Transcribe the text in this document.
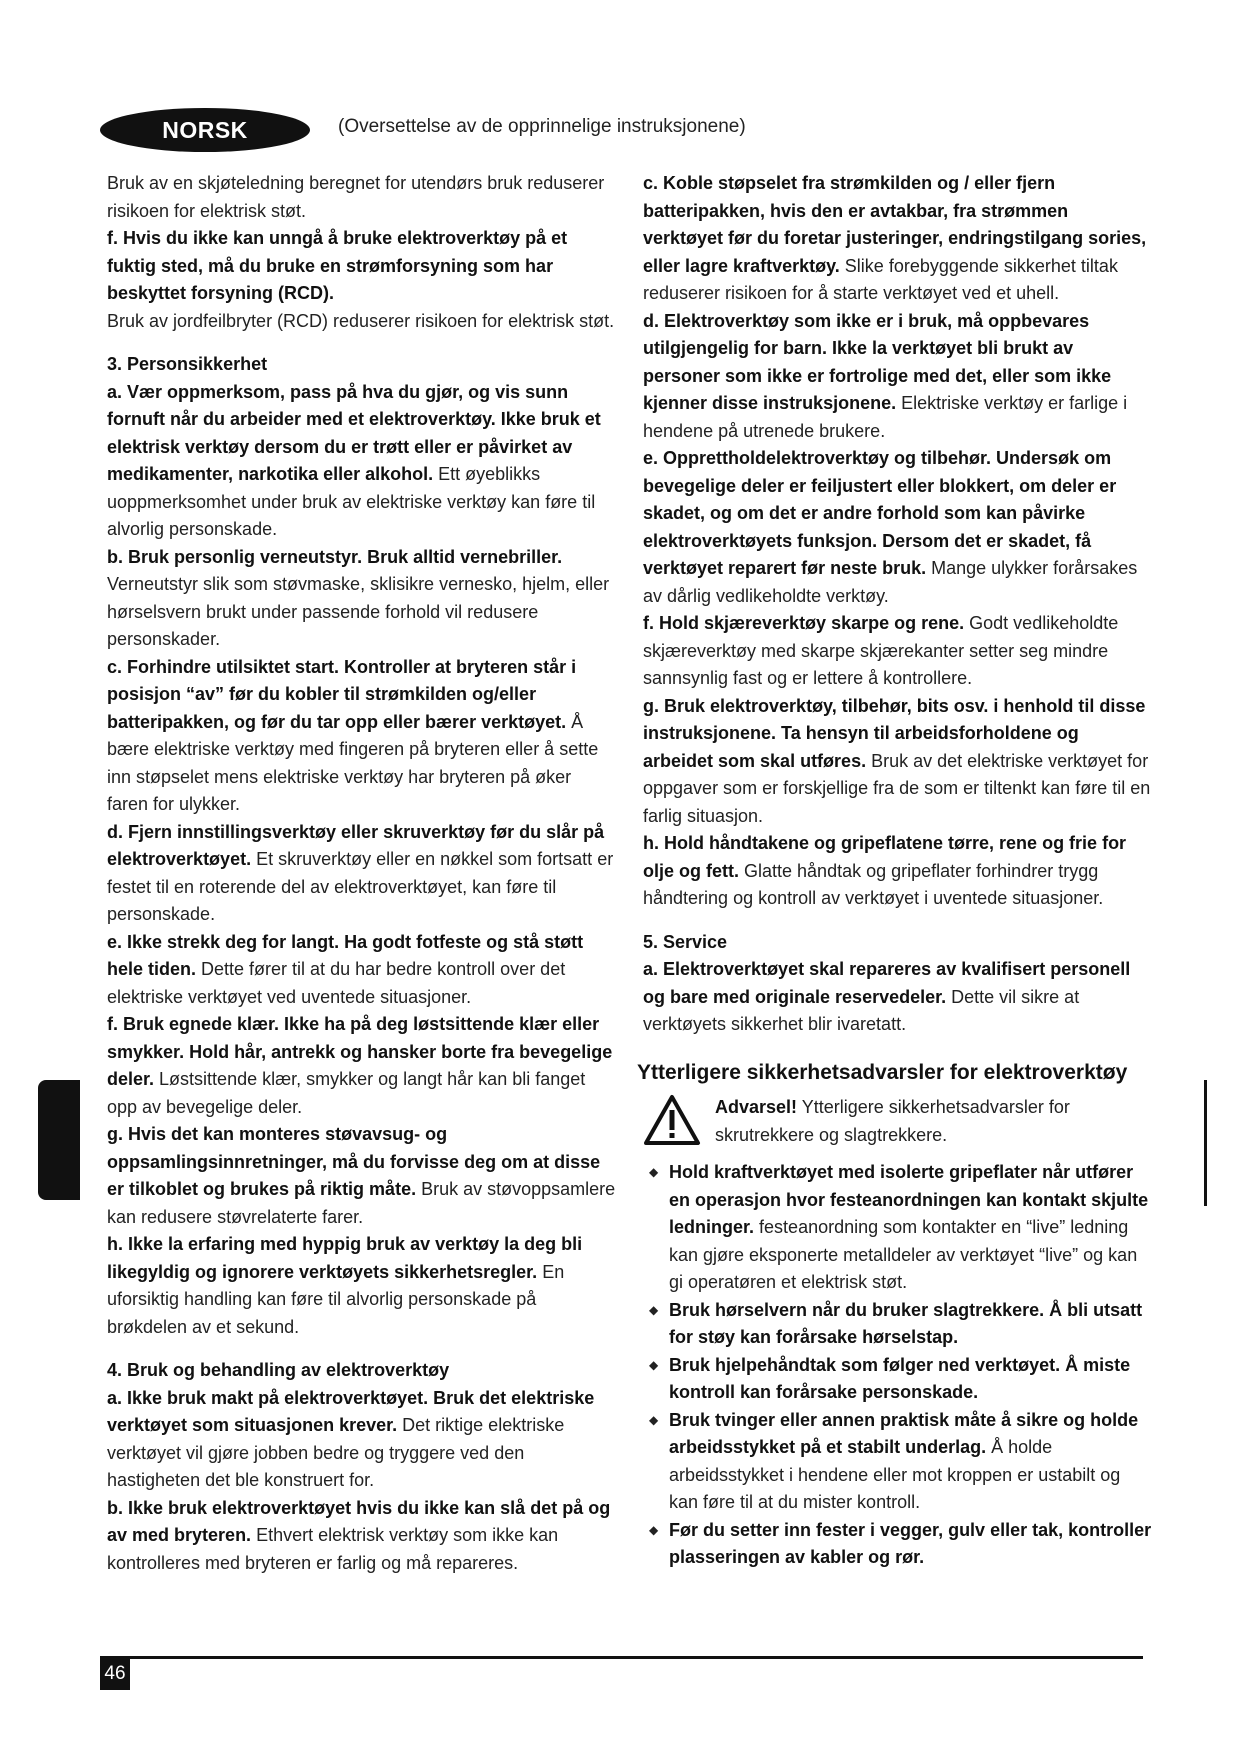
NORSK	(Oversettelse av de opprinnelige instruksjonene)

Bruk av en skjøteledning beregnet for utendørs bruk reduserer risikoen for elektrisk støt.

f. Hvis du ikke kan unngå å bruke elektroverktøy på et fuktig sted, må du bruke en strømforsyning som har beskyttet forsyning (RCD).

Bruk av jordfeilbryter (RCD) reduserer risikoen for elektrisk støt.

3. Personsikkerhet

a. Vær oppmerksom, pass på hva du gjør, og vis sunn fornuft når du arbeider med et elektroverktøy. Ikke bruk et elektrisk verktøy dersom du er trøtt eller er påvirket av medikamenter, narkotika eller alkohol. Ett øyeblikks uoppmerksomhet under bruk av elektriske verktøy kan føre til alvorlig personskade.

b. Bruk personlig verneutstyr. Bruk alltid vernebriller. Verneutstyr slik som støvmaske, sklisikre vernesko, hjelm, eller hørselsvern brukt under passende forhold vil redusere personskader.

c. Forhindre utilsiktet start. Kontroller at bryteren står i posisjon “av” før du kobler til strømkilden og/eller batteripakken, og før du tar opp eller bærer verktøyet. Å bære elektriske verktøy med fingeren på bryteren eller å sette inn støpselet mens elektriske verktøy har bryteren på øker faren for ulykker.

d. Fjern innstillingsverktøy eller skruverktøy før du slår på elektroverktøyet. Et skruverktøy eller en nøkkel som fortsatt er festet til en roterende del av elektroverktøyet, kan føre til personskade.

e. Ikke strekk deg for langt. Ha godt fotfeste og stå støtt hele tiden. Dette fører til at du har bedre kontroll over det elektriske verktøyet ved uventede situasjoner.

f. Bruk egnede klær. Ikke ha på deg løstsittende klær eller smykker. Hold hår, antrekk og hansker borte fra bevegelige deler. Løstsittende klær, smykker og langt hår kan bli fanget opp av bevegelige deler.

g. Hvis det kan monteres støvavsug- og oppsamlingsinnretninger, må du forvisse deg om at disse er tilkoblet og brukes på riktig måte. Bruk av støvoppsamlere kan redusere støvrelaterte farer.

h. Ikke la erfaring med hyppig bruk av verktøy la deg bli likegyldig og ignorere verktøyets sikkerhetsregler. En uforsiktig handling kan føre til alvorlig personskade på brøkdelen av et sekund.

4. Bruk og behandling av elektroverktøy

a. Ikke bruk makt på elektroverktøyet. Bruk det elektriske verktøyet som situasjonen krever. Det riktige elektriske verktøyet vil gjøre jobben bedre og tryggere ved den hastigheten det ble konstruert for.

b. Ikke bruk elektroverktøyet hvis du ikke kan slå det på og av med bryteren. Ethvert elektrisk verktøy som ikke kan kontrolleres med bryteren er farlig og må repareres.

c. Koble støpselet fra strømkilden og / eller fjern batteripakken, hvis den er avtakbar, fra strømmen verktøyet før du foretar justeringer, endringstilgang sories, eller lagre kraftverktøy. Slike forebyggende sikkerhet tiltak reduserer risikoen for å starte verktøyet ved et uhell.

d. Elektroverktøy som ikke er i bruk, må oppbevares utilgjengelig for barn. Ikke la verktøyet bli brukt av personer som ikke er fortrolige med det, eller som ikke kjenner disse instruksjonene. Elektriske verktøy er farlige i hendene på utrenede brukere.

e. Opprettholdelektroverktøy og tilbehør. Undersøk om bevegelige deler er feiljustert eller blokkert, om deler er skadet, og om det er andre forhold som kan påvirke elektroverktøyets funksjon. Dersom det er skadet, få verktøyet reparert før neste bruk. Mange ulykker forårsakes av dårlig vedlikeholdte verktøy.

f. Hold skjæreverktøy skarpe og rene. Godt vedlikeholdte skjæreverktøy med skarpe skjærekanter setter seg mindre sannsynlig fast og er lettere å kontrollere.

g. Bruk elektroverktøy, tilbehør, bits osv. i henhold til disse instruksjonene. Ta hensyn til arbeidsforholdene og arbeidet som skal utføres. Bruk av det elektriske verktøyet for oppgaver som er forskjellige fra de som er tiltenkt kan føre til en farlig situasjon.

h. Hold håndtakene og gripeflatene tørre, rene og frie for olje og fett. Glatte håndtak og gripeflater forhindrer trygg håndtering og kontroll av verktøyet i uventede situasjoner.

5. Service

a. Elektroverktøyet skal repareres av kvalifisert personell og bare med originale reservedeler. Dette vil sikre at verktøyets sikkerhet blir ivaretatt.

Ytterligere sikkerhetsadvarsler for elektroverktøy

Advarsel! Ytterligere sikkerhetsadvarsler for skrutrekkere og slagtrekkere.

◆ Hold kraftverktøyet med isolerte gripeflater når utfører en operasjon hvor festeanordningen kan kontakt skjulte ledninger. festeanordning som kontakter en “live” ledning kan gjøre eksponerte metalldeler av verktøyet “live” og kan gi operatøren et elektrisk støt.

◆ Bruk hørselvern når du bruker slagtrekkere. Å bli utsatt for støy kan forårsake hørselstap.

◆ Bruk hjelpehåndtak som følger ned verktøyet. Å miste kontroll kan forårsake personskade.

◆ Bruk tvinger eller annen praktisk måte å sikre og holde arbeidsstykket på et stabilt underlag. Å holde arbeidsstykket i hendene eller mot kroppen er ustabilt og kan føre til at du mister kontroll.

◆ Før du setter inn fester i vegger, gulv eller tak, kontroller plasseringen av kabler og rør.

46
